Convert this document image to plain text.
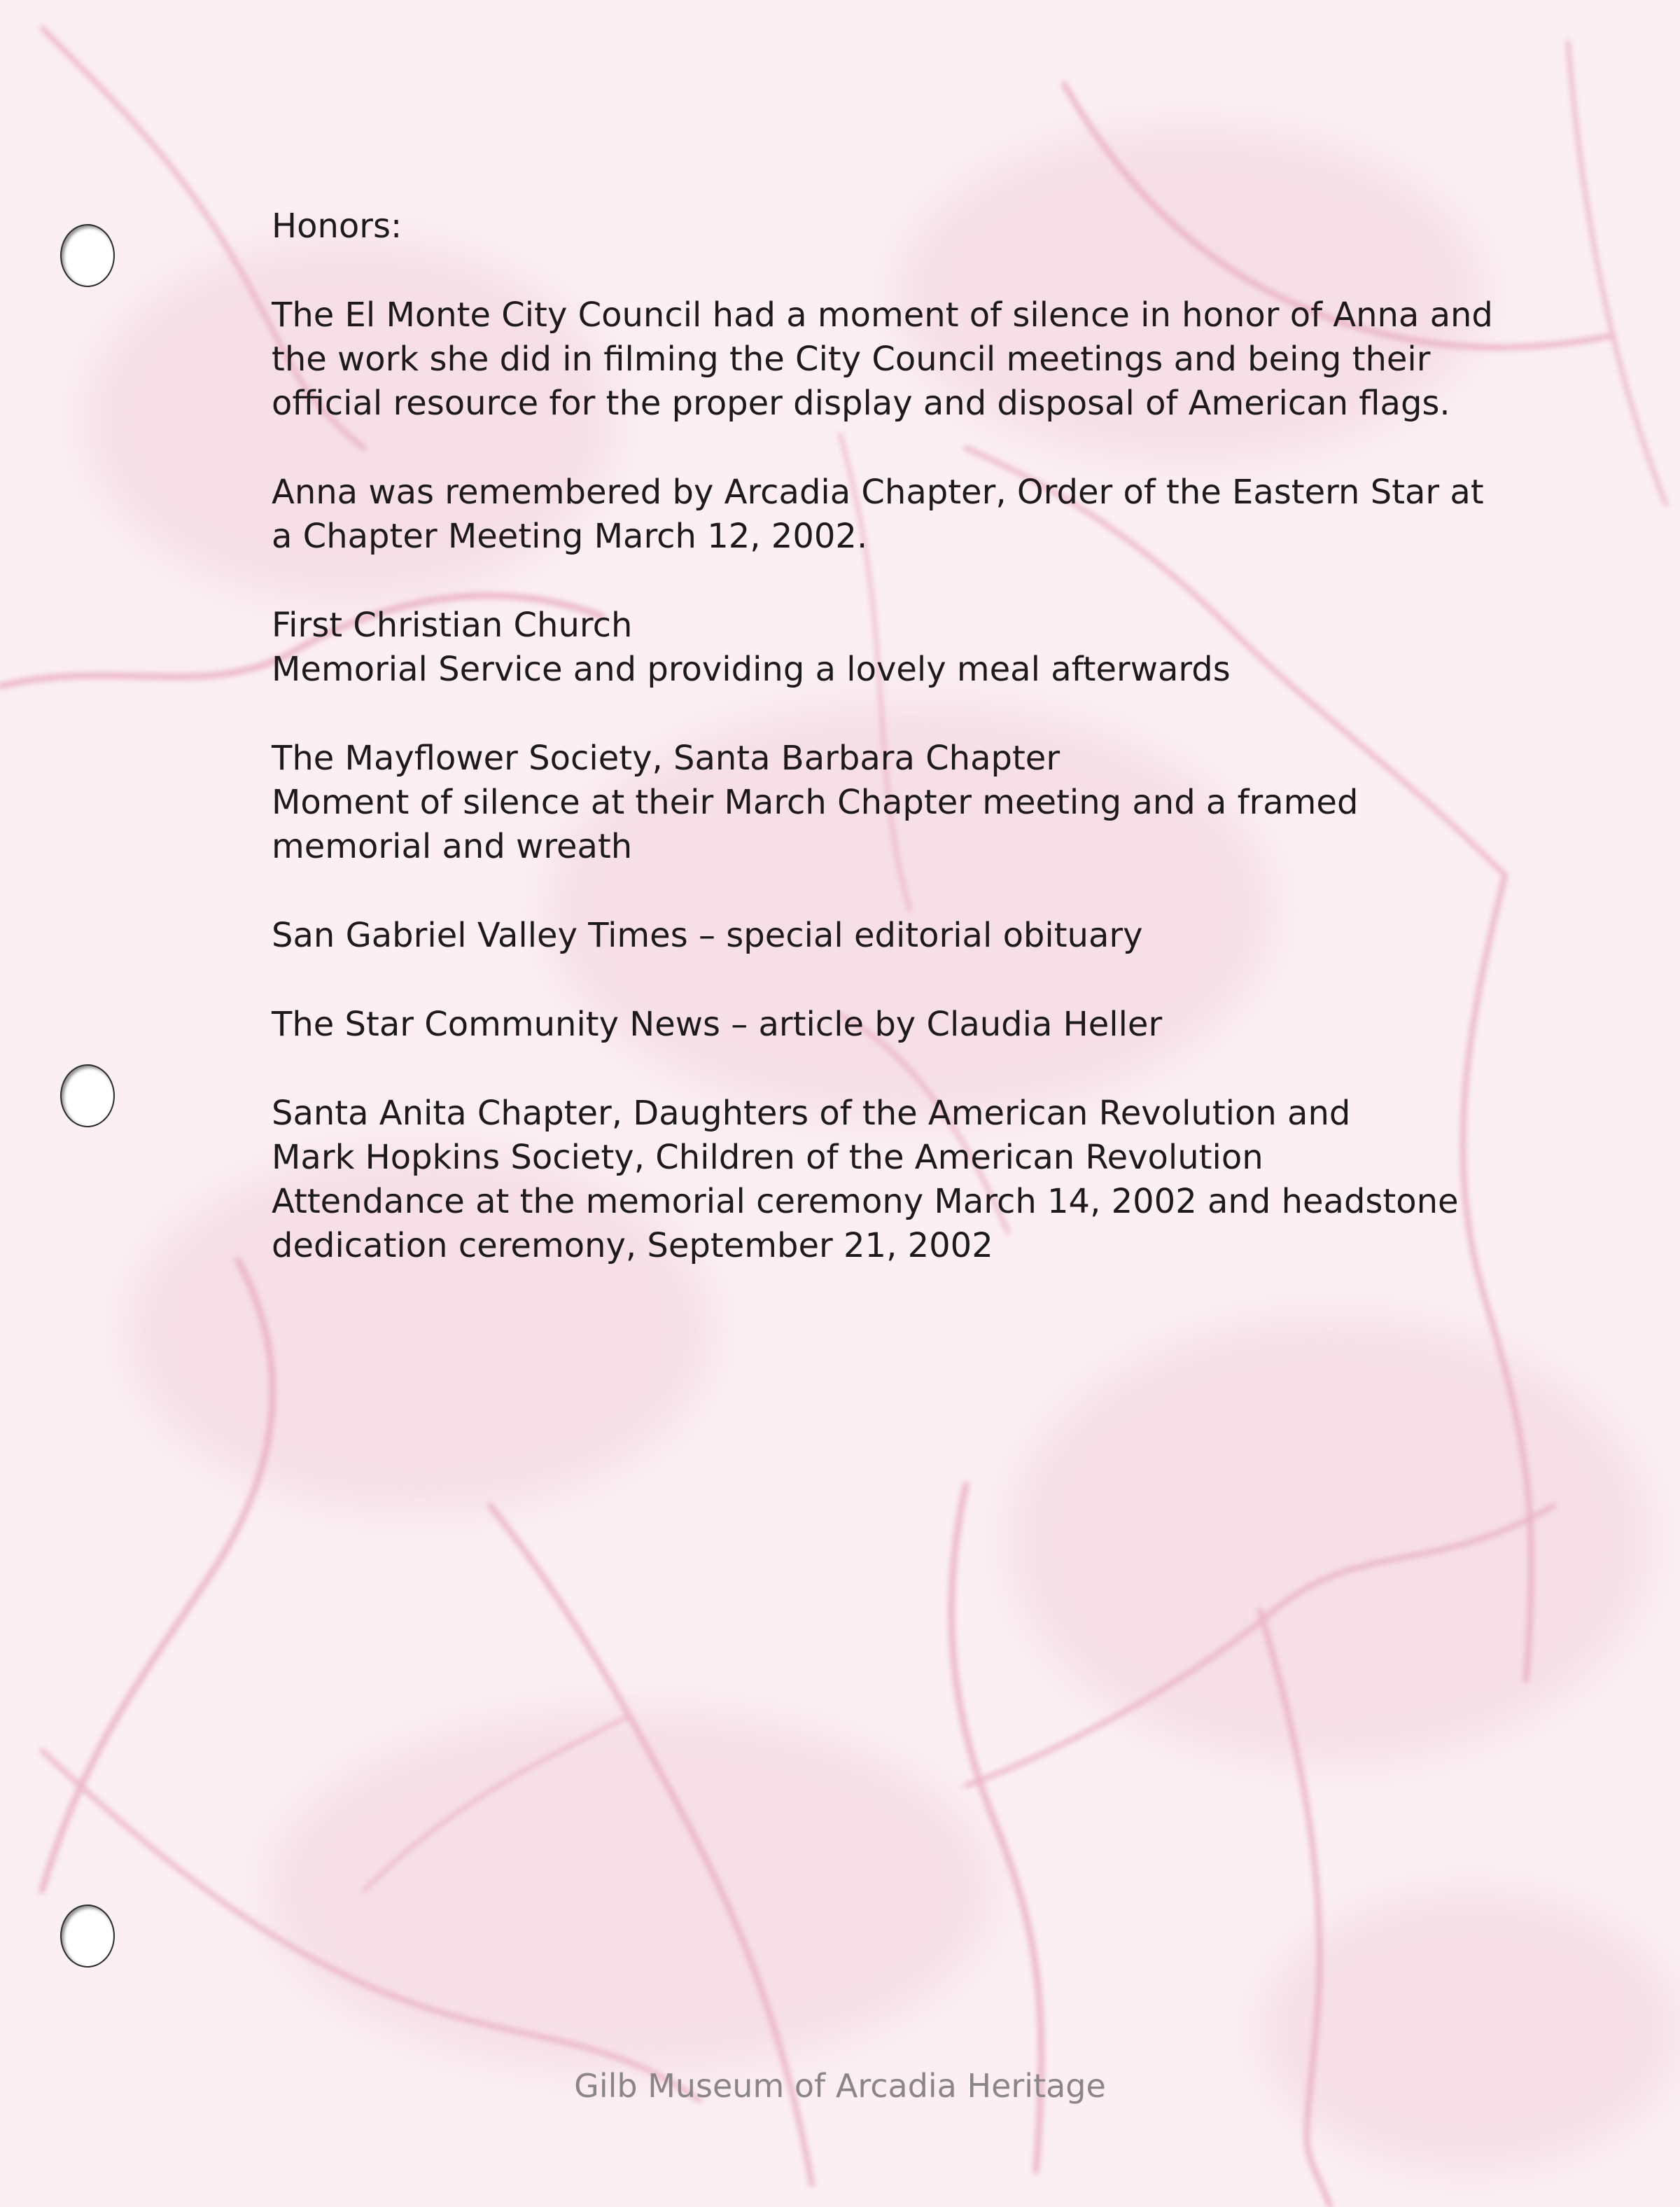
Honors:

The El Monte City Council had a moment of silence in honor of Anna and the work she did in filming the City Council meetings and being their official resource for the proper display and disposal of American flags.

Anna was remembered by Arcadia Chapter, Order of the Eastern Star at a Chapter Meeting March 12, 2002.

First Christian Church

Memorial Service and providing a lovely meal afterwards

The Mayflower Society, Santa Barbara Chapter

Moment of silence at their March Chapter meeting and a framed memorial and wreath

San Gabriel Valley Times – special editorial obituary

The Star Community News – article by Claudia Heller

Santa Anita Chapter, Daughters of the American Revolution and

Mark Hopkins Society, Children of the American Revolution

Attendance at the memorial ceremony March 14, 2002 and headstone dedication ceremony, September 21, 2002

Gilb Museum of Arcadia Heritage
